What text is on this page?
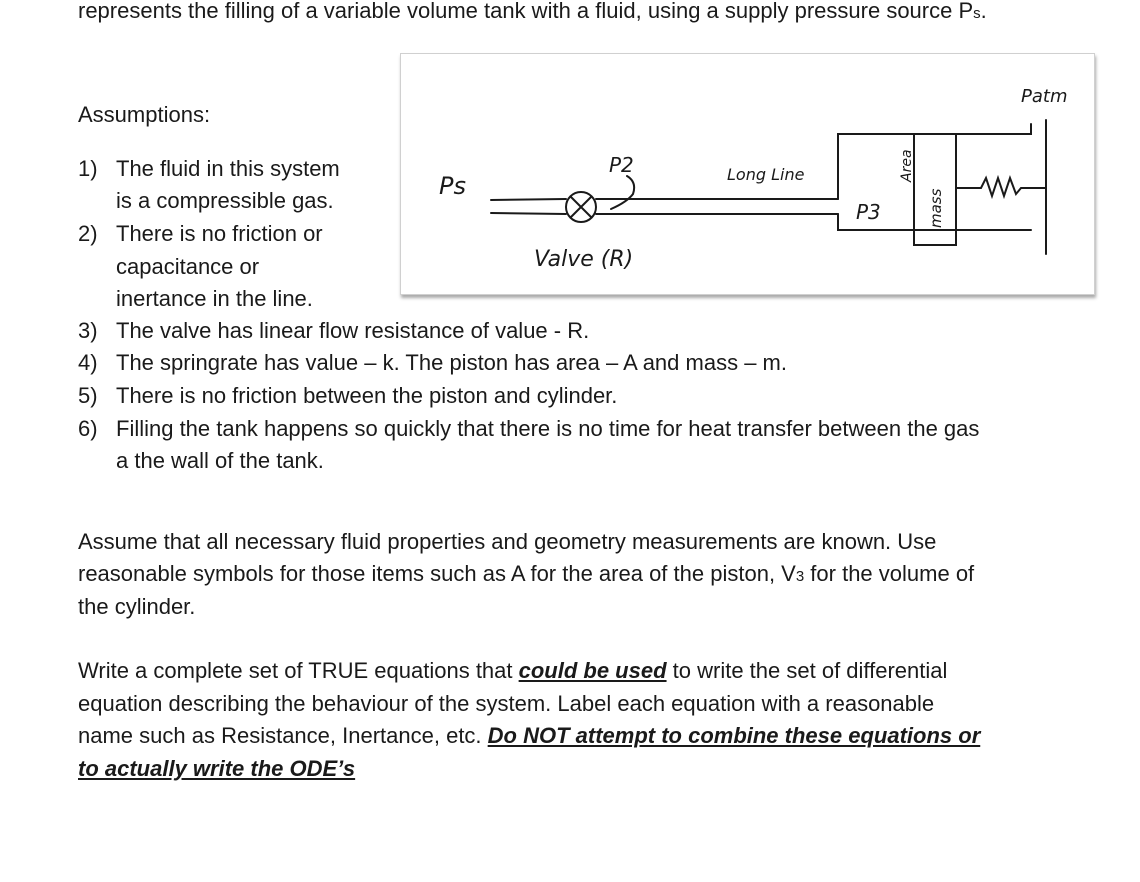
represents the filling of a variable volume tank with a fluid, using a supply pressure source Ps.
Assumptions:
1) The fluid in this system
is a compressible gas.
2) There is no friction or
capacitance or
inertance in the line.
3) The valve has linear flow resistance of value - R.
4) The springrate has value – k. The piston has area – A and mass – m.
5) There is no friction between the piston and cylinder.
6) Filling the tank happens so quickly that there is no time for heat transfer between the gas
a the wall of the tank.
Ps
P2	Long Line
P3
Patm
Valve (R)
Area
mass
Assume that all necessary fluid properties and geometry measurements are known. Use
reasonable symbols for those items such as A for the area of the piston, V3 for the volume of
the cylinder.
Write a complete set of TRUE equations that could be used to write the set of differential
equation describing the behaviour of the system. Label each equation with a reasonable
name such as Resistance, Inertance, etc. Do NOT attempt to combine these equations or
to actually write the ODE’s
